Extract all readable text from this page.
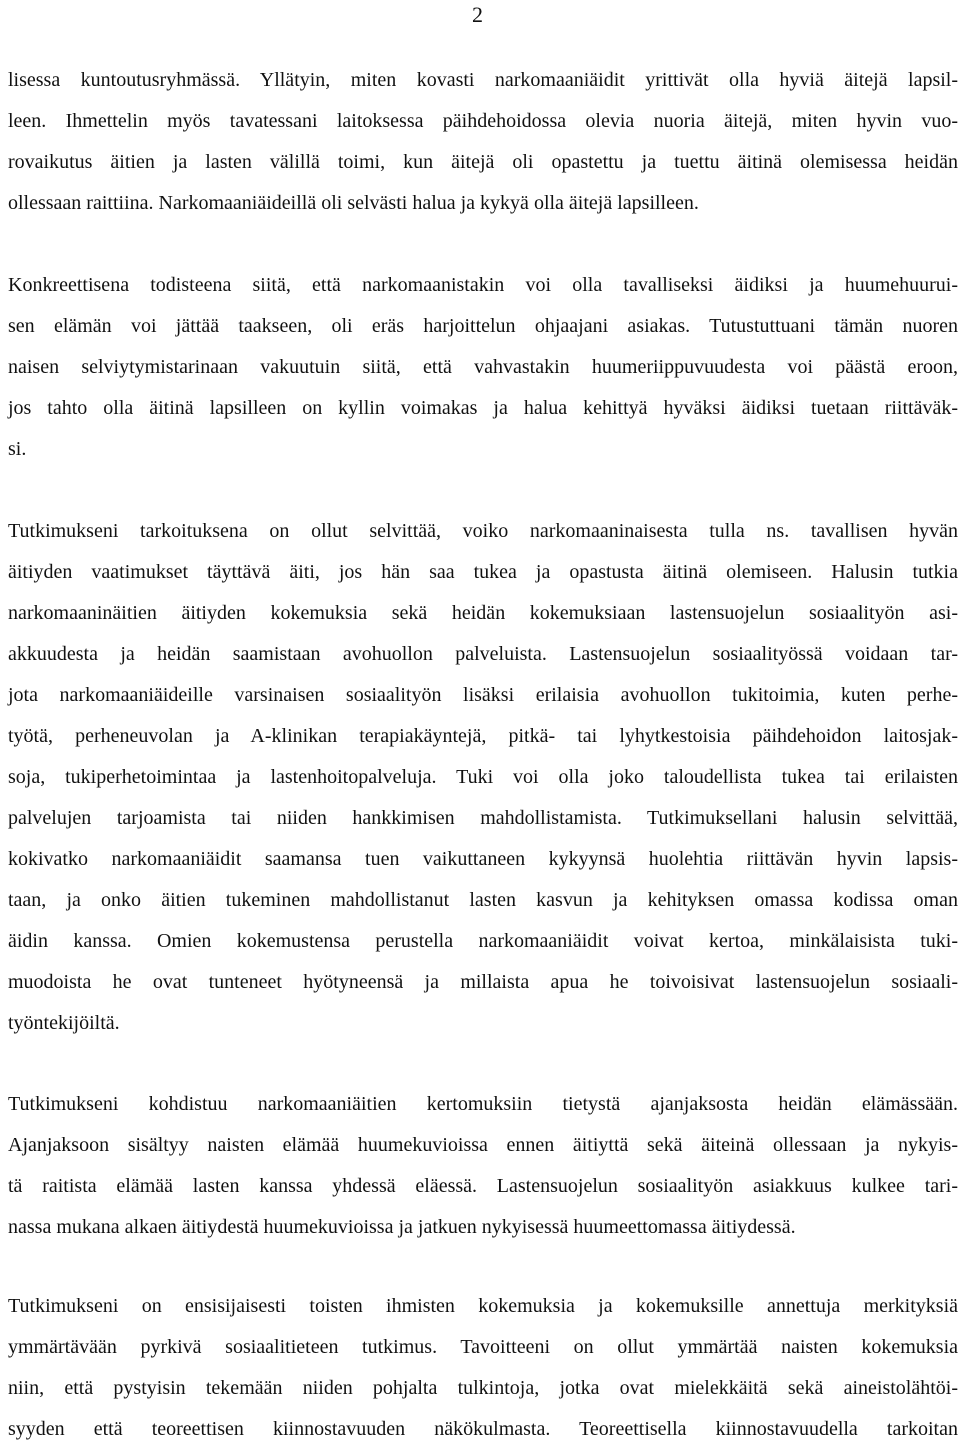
2
lisessa kuntoutusryhmässä. Yllätyin, miten kovasti narkomaaniäidit yrittivät olla hyviä äitejä lapsil-
leen. Ihmettelin myös tavatessani laitoksessa päihdehoidossa olevia nuoria äitejä, miten hyvin vuo-
rovaikutus äitien ja lasten välillä toimi, kun äitejä oli opastettu ja tuettu äitinä olemisessa heidän
ollessaan raittiina. Narkomaaniäideillä oli selvästi halua ja kykyä olla äitejä lapsilleen.
Konkreettisena todisteena siitä, että narkomaanistakin voi olla tavalliseksi äidiksi ja huumehuurui-
sen elämän voi jättää taakseen, oli eräs harjoittelun ohjaajani asiakas. Tutustuttuani tämän nuoren
naisen selviytymistarinaan vakuutuin siitä, että vahvastakin huumeriippuvuudesta voi päästä eroon,
jos tahto olla äitinä lapsilleen on kyllin voimakas ja halua kehittyä hyväksi äidiksi tuetaan riittäväk-
si.
Tutkimukseni tarkoituksena on ollut selvittää, voiko narkomaaninaisesta tulla ns. tavallisen hyvän
äitiyden vaatimukset täyttävä äiti, jos hän saa tukea ja opastusta äitinä olemiseen. Halusin tutkia
narkomaaninäitien äitiyden kokemuksia sekä heidän kokemuksiaan lastensuojelun sosiaalityön asi-
akkuudesta ja heidän saamistaan avohuollon palveluista. Lastensuojelun sosiaalityössä voidaan tar-
jota narkomaaniäideille varsinaisen sosiaalityön lisäksi erilaisia avohuollon tukitoimia, kuten perhe-
työtä, perheneuvolan ja A-klinikan terapiakäyntejä, pitkä- tai lyhytkestoisia päihdehoidon laitosjak-
soja, tukiperhetoimintaa ja lastenhoitopalveluja. Tuki voi olla joko taloudellista tukea tai erilaisten
palvelujen tarjoamista tai niiden hankkimisen mahdollistamista. Tutkimuksellani halusin selvittää,
kokivatko narkomaaniäidit saamansa tuen vaikuttaneen kykyynsä huolehtia riittävän hyvin lapsis-
taan, ja onko äitien tukeminen mahdollistanut lasten kasvun ja kehityksen omassa kodissa oman
äidin kanssa. Omien kokemustensa perustella narkomaaniäidit voivat kertoa, minkälaisista tuki-
muodoista he ovat tunteneet hyötyneensä ja millaista apua he toivoisivat lastensuojelun sosiaali-
työntekijöiltä.
Tutkimukseni kohdistuu narkomaaniäitien kertomuksiin tietystä ajanjaksosta heidän elämässään.
Ajanjaksoon sisältyy naisten elämää huumekuvioissa ennen äitiyttä sekä äiteinä ollessaan ja nykyis-
tä raitista elämää lasten kanssa yhdessä eläessä. Lastensuojelun sosiaalityön asiakkuus kulkee tari-
nassa mukana alkaen äitiydestä huumekuvioissa ja jatkuen nykyisessä huumeettomassa äitiydessä.
Tutkimukseni on ensisijaisesti toisten ihmisten kokemuksia ja kokemuksille annettuja merkityksiä
ymmärtävään pyrkivä sosiaalitieteen tutkimus. Tavoitteeni on ollut ymmärtää naisten kokemuksia
niin, että pystyisin tekemään niiden pohjalta tulkintoja, jotka ovat mielekkäitä sekä aineistolähtöi-
syyden että teoreettisen kiinnostavuuden näkökulmasta. Teoreettisella kiinnostavuudella tarkoitan
